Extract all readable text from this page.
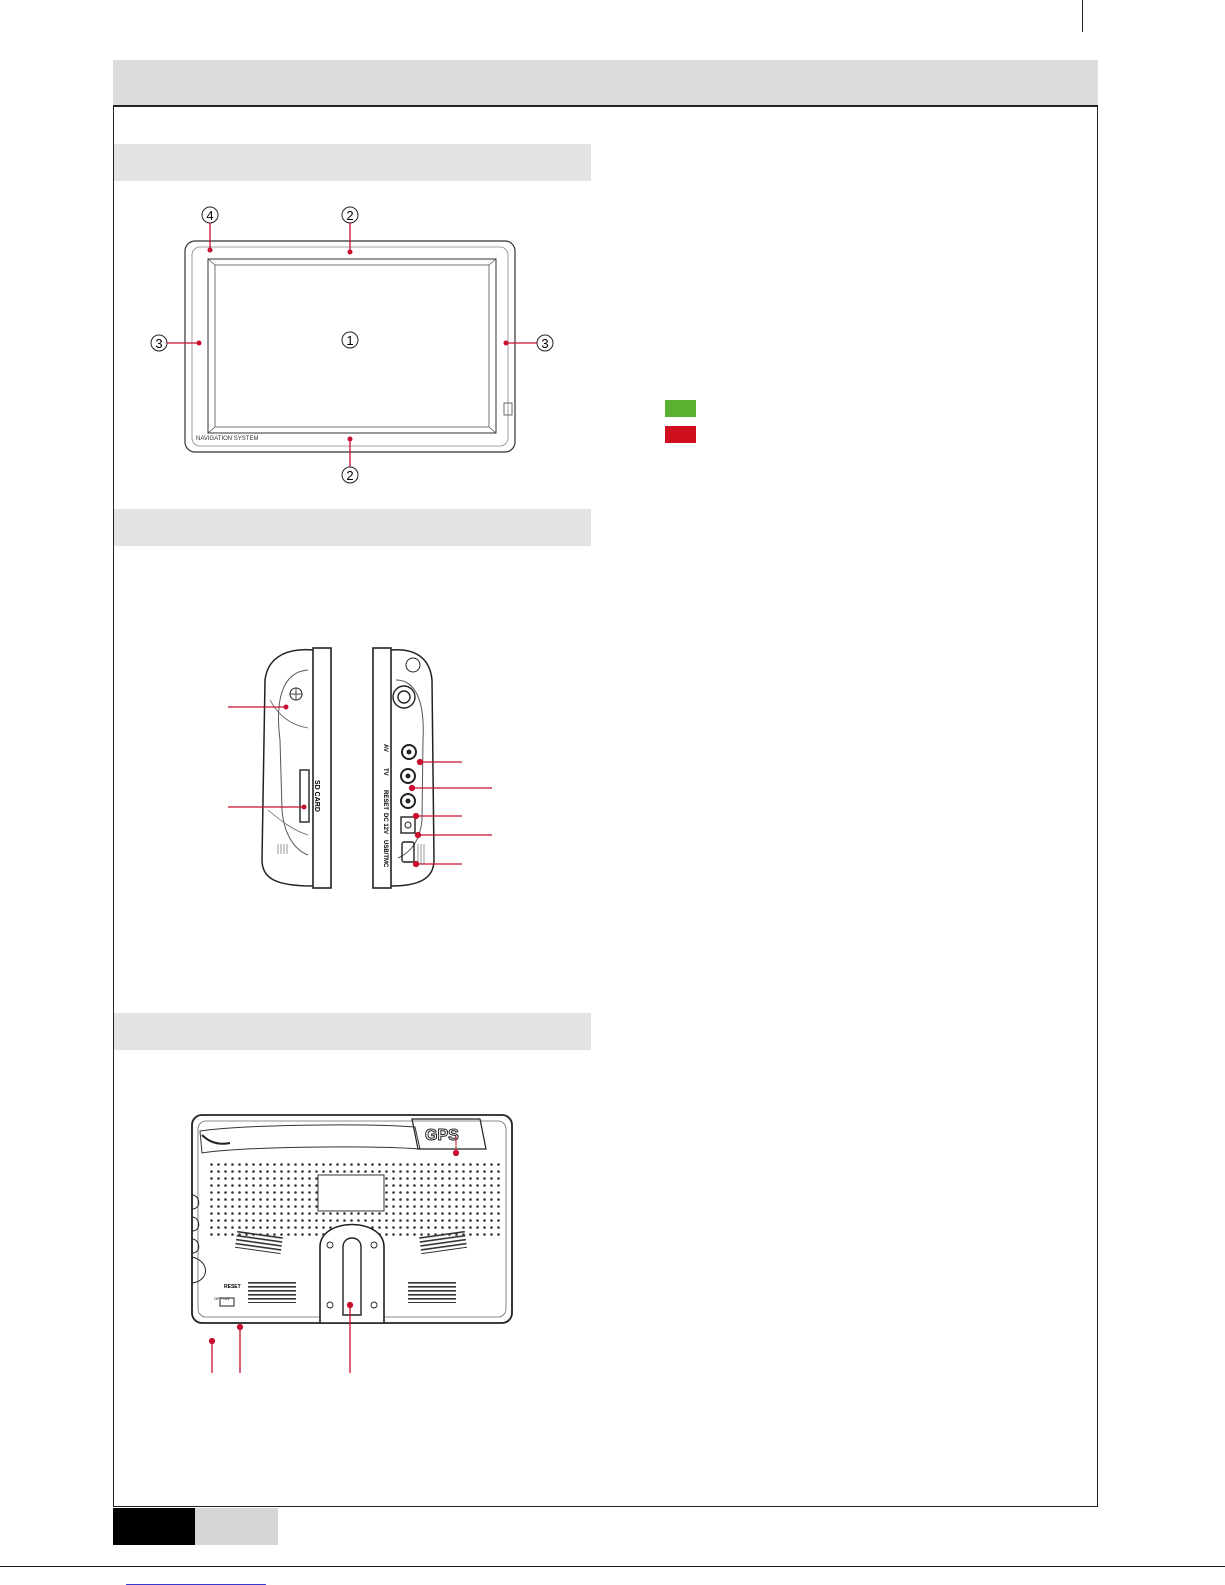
NAVIGATION SYSTEM
4	2
3	1	3
2
SD CARD
AV
TV
RESET
DC 12V
USB/TMC
GPS
RESET
OFF ON
